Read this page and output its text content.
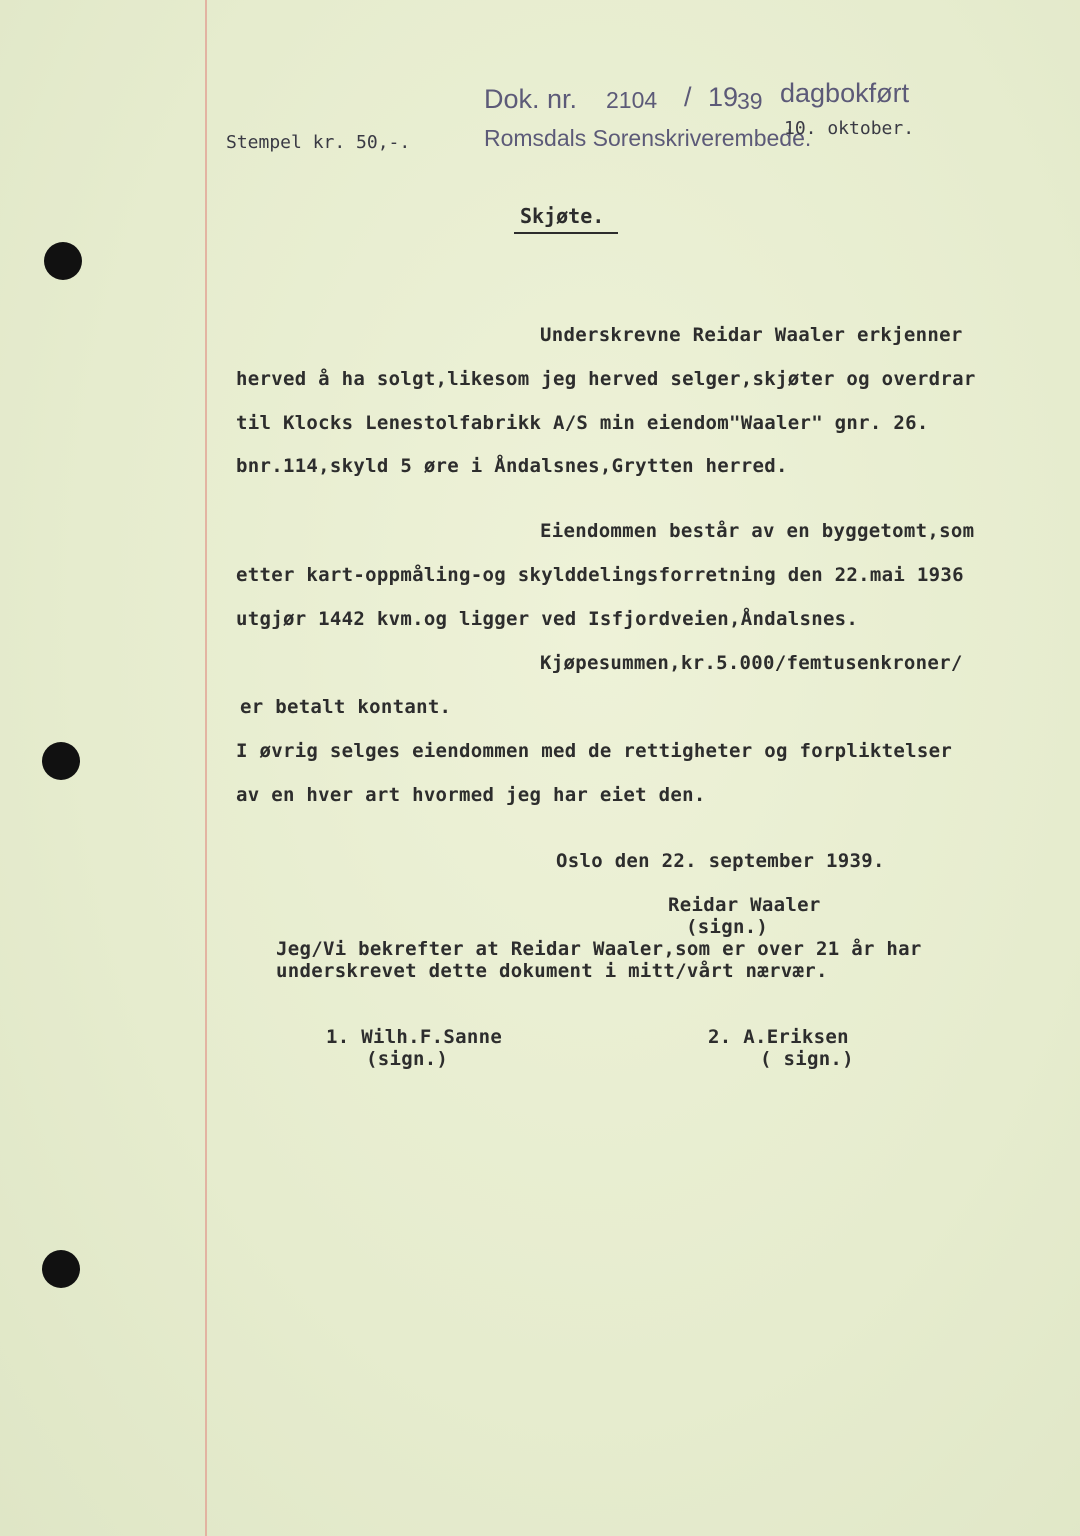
Dok. nr. 2104 / 19
39 dagbokført
Stempel kr. 50,-.	Romsdals Sorenskriverembede.
10. oktober.
Skjøte.
Underskrevne Reidar Waaler erkjenner
herved å ha solgt,likesom jeg herved selger,skjøter og overdrar
til Klocks Lenestolfabrikk A/S min eiendom"Waaler" gnr. 26.
bnr.114,skyld 5 øre i Åndalsnes,Grytten herred.
Eiendommen består av en byggetomt,som
etter kart-oppmåling-og skylddelingsforretning den 22.mai 1936
utgjør 1442 kvm.og ligger ved Isfjordveien,Åndalsnes.
Kjøpesummen,kr.5.000/femtusenkroner/
er betalt kontant.
I øvrig selges eiendommen med de rettigheter og forpliktelser
av en hver art hvormed jeg har eiet den.
Oslo den 22. september 1939.
Reidar Waaler
(sign.)
Jeg/Vi bekrefter at Reidar Waaler,som er over 21 år har
underskrevet dette dokument i mitt/vårt nærvær.
1. Wilh.F.Sanne
(sign.)
2. A.Eriksen
( sign.)
